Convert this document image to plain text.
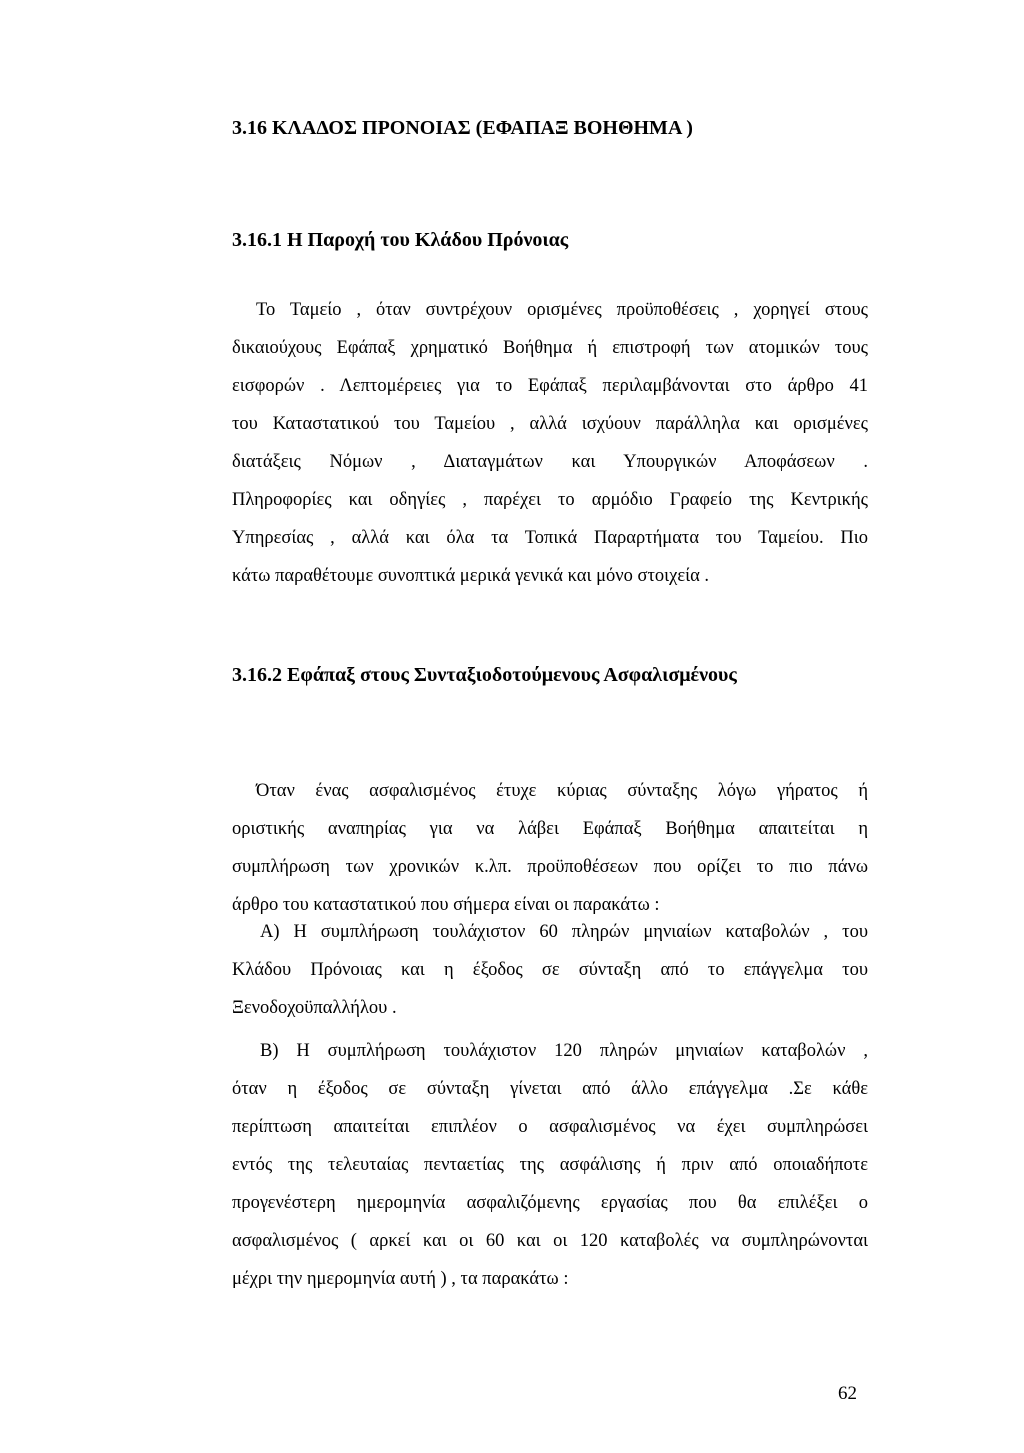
3.16 ΚΛΑΔΟΣ ΠΡΟΝΟΙΑΣ (ΕΦΑΠΑΞ ΒΟΗΘΗΜΑ )
3.16.1 Η Παροχή του Κλάδου Πρόνοιας
Το Ταμείο , όταν συντρέχουν ορισμένες προϋποθέσεις , χορηγεί στους
δικαιούχους Εφάπαξ χρηματικό Βοήθημα ή επιστροφή των ατομικών τους
εισφορών . Λεπτομέρειες για το Εφάπαξ περιλαμβάνονται στο άρθρο 41
του Καταστατικού του Ταμείου , αλλά ισχύουν παράλληλα και ορισμένες
διατάξεις Νόμων , Διαταγμάτων και Υπουργικών Αποφάσεων .
Πληροφορίες και οδηγίες , παρέχει το αρμόδιο Γραφείο της Κεντρικής
Υπηρεσίας , αλλά και όλα τα Τοπικά Παραρτήματα του Ταμείου. Πιο
κάτω παραθέτουμε συνοπτικά μερικά γενικά και μόνο στοιχεία .
3.16.2 Εφάπαξ στους Συνταξιοδοτούμενους Ασφαλισμένους
Όταν ένας ασφαλισμένος έτυχε κύριας σύνταξης λόγω γήρατος ή
οριστικής αναπηρίας για να λάβει Εφάπαξ Βοήθημα απαιτείται η
συμπλήρωση των χρονικών κ.λπ. προϋποθέσεων που ορίζει το πιο πάνω
άρθρο του καταστατικού που σήμερα είναι οι παρακάτω :
Α) Η συμπλήρωση τουλάχιστον 60 πληρών μηνιαίων καταβολών , του
Κλάδου Πρόνοιας και η έξοδος σε σύνταξη από το επάγγελμα του
Ξενοδοχοϋπαλλήλου .
Β) Η συμπλήρωση τουλάχιστον 120 πληρών μηνιαίων καταβολών ,
όταν η έξοδος σε σύνταξη γίνεται από άλλο επάγγελμα .Σε κάθε
περίπτωση απαιτείται επιπλέον ο ασφαλισμένος να έχει συμπληρώσει
εντός της τελευταίας πενταετίας της ασφάλισης ή πριν από οποιαδήποτε
προγενέστερη ημερομηνία ασφαλιζόμενης εργασίας που θα επιλέξει ο
ασφαλισμένος ( αρκεί και οι 60 και οι 120 καταβολές να συμπληρώνονται
μέχρι την ημερομηνία αυτή ) , τα παρακάτω :
62
